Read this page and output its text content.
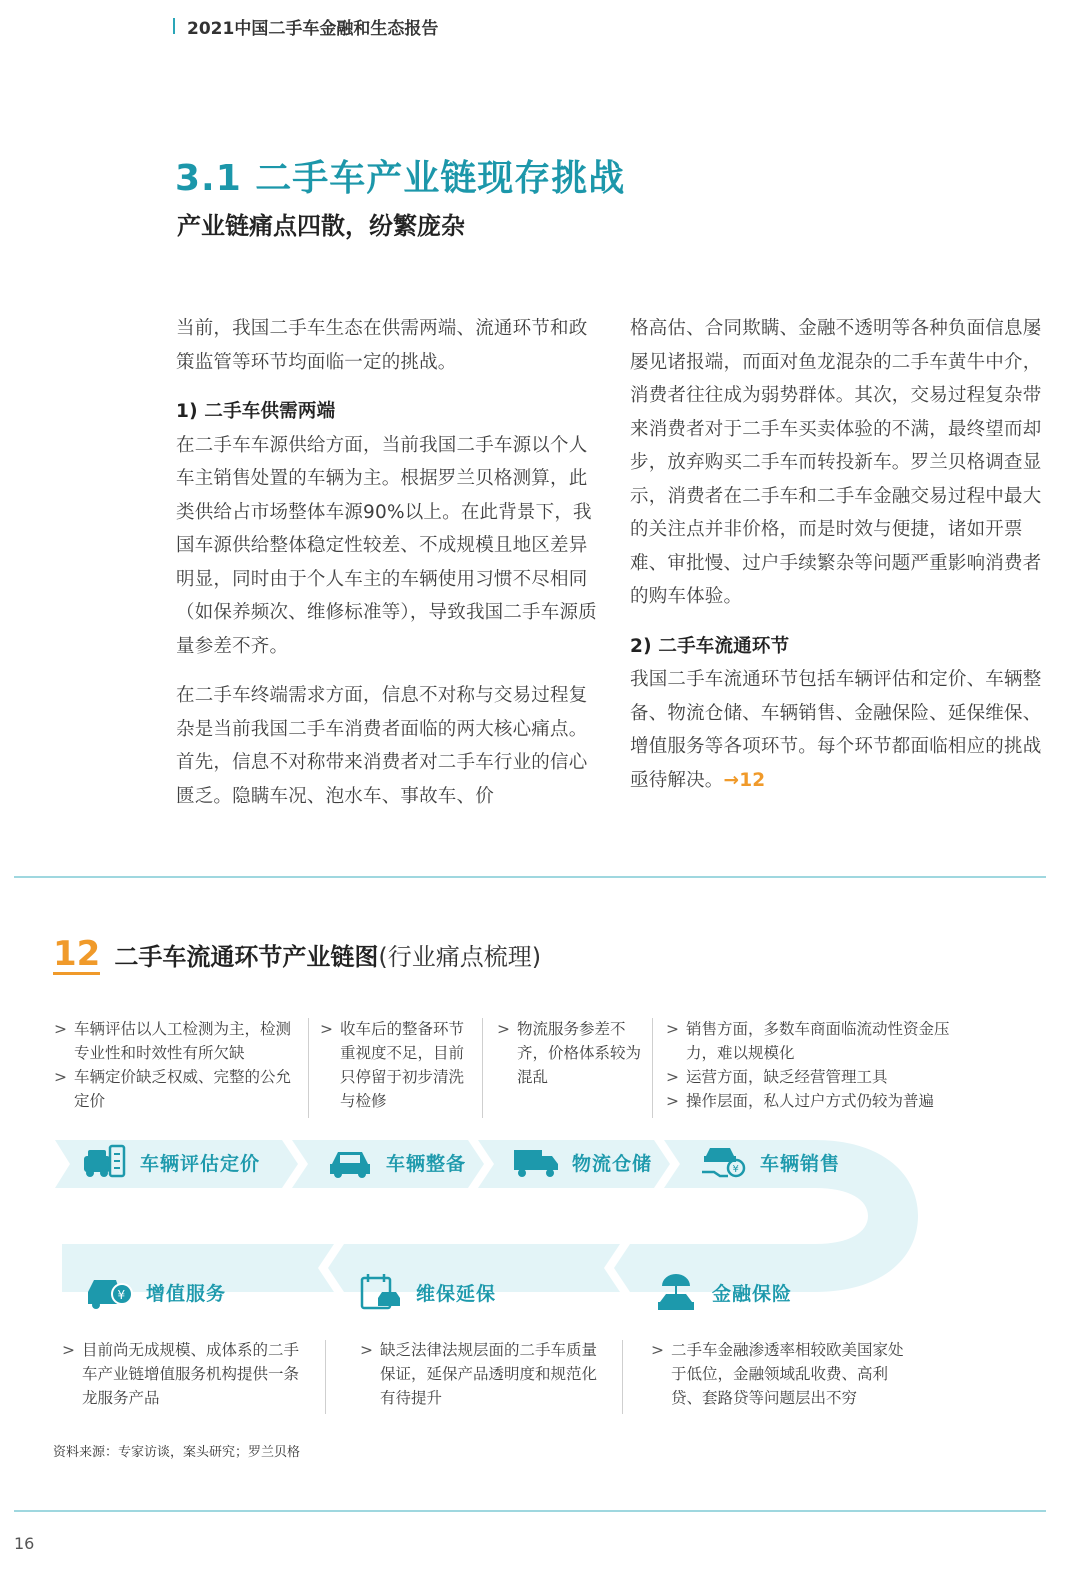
2021中国二手车金融和生态报告
3.1 二手车产业链现存挑战
产业链痛点四散，纷繁庞杂

当前，我国二手车生态在供需两端、流通环节和政策监管等环节均面临一定的挑战。

1) 二手车供需两端

在二手车车源供给方面，当前我国二手车源以个人车主销售处置的车辆为主。根据罗兰贝格测算，此类供给占市场整体车源90%以上。在此背景下，我国车源供给整体稳定性较差、不成规模且地区差异明显，同时由于个人车主的车辆使用习惯不尽相同（如保养频次、维修标准等），导致我国二手车源质量参差不齐。

在二手车终端需求方面，信息不对称与交易过程复杂是当前我国二手车消费者面临的两大核心痛点。首先，信息不对称带来消费者对二手车行业的信心匮乏。隐瞒车况、泡水车、事故车、价

格高估、合同欺瞒、金融不透明等各种负面信息屡屡见诸报端，而面对鱼龙混杂的二手车黄牛中介，消费者往往成为弱势群体。其次，交易过程复杂带来消费者对于二手车买卖体验的不满，最终望而却步，放弃购买二手车而转投新车。罗兰贝格调查显示，消费者在二手车和二手车金融交易过程中最大的关注点并非价格，而是时效与便捷，诸如开票难、审批慢、过户手续繁杂等问题严重影响消费者的购车体验。

2) 二手车流通环节

我国二手车流通环节包括车辆评估和定价、车辆整备、物流仓储、车辆销售、金融保险、延保维保、增值服务等各项环节。每个环节都面临相应的挑战亟待解决。→12

12 二手车流通环节产业链图 (行业痛点梳理)
> 车辆评估以人工检测为主，检测专业性和时效性有所欠缺
> 车辆定价缺乏权威、完整的公允定价
> 收车后的整备环节重视度不足，目前只停留于初步清洗与检修
> 物流服务参差不齐，价格体系较为混乱
> 销售方面，多数车商面临流动性资金压力，难以规模化
> 运营方面，缺乏经营管理工具
> 操作层面，私人过户方式仍较为普遍
车辆评估定价	车辆整备	物流仓储	¥ 车辆销售
¥ 增值服务	维保延保	金融保险
> 目前尚无成规模、成体系的二手车产业链增值服务机构提供一条龙服务产品
> 缺乏法律法规层面的二手车质量保证，延保产品透明度和规范化有待提升
> 二手车金融渗透率相较欧美国家处于低位，金融领域乱收费、高利贷、套路贷等问题层出不穷
资料来源：专家访谈，案头研究；罗兰贝格
16
